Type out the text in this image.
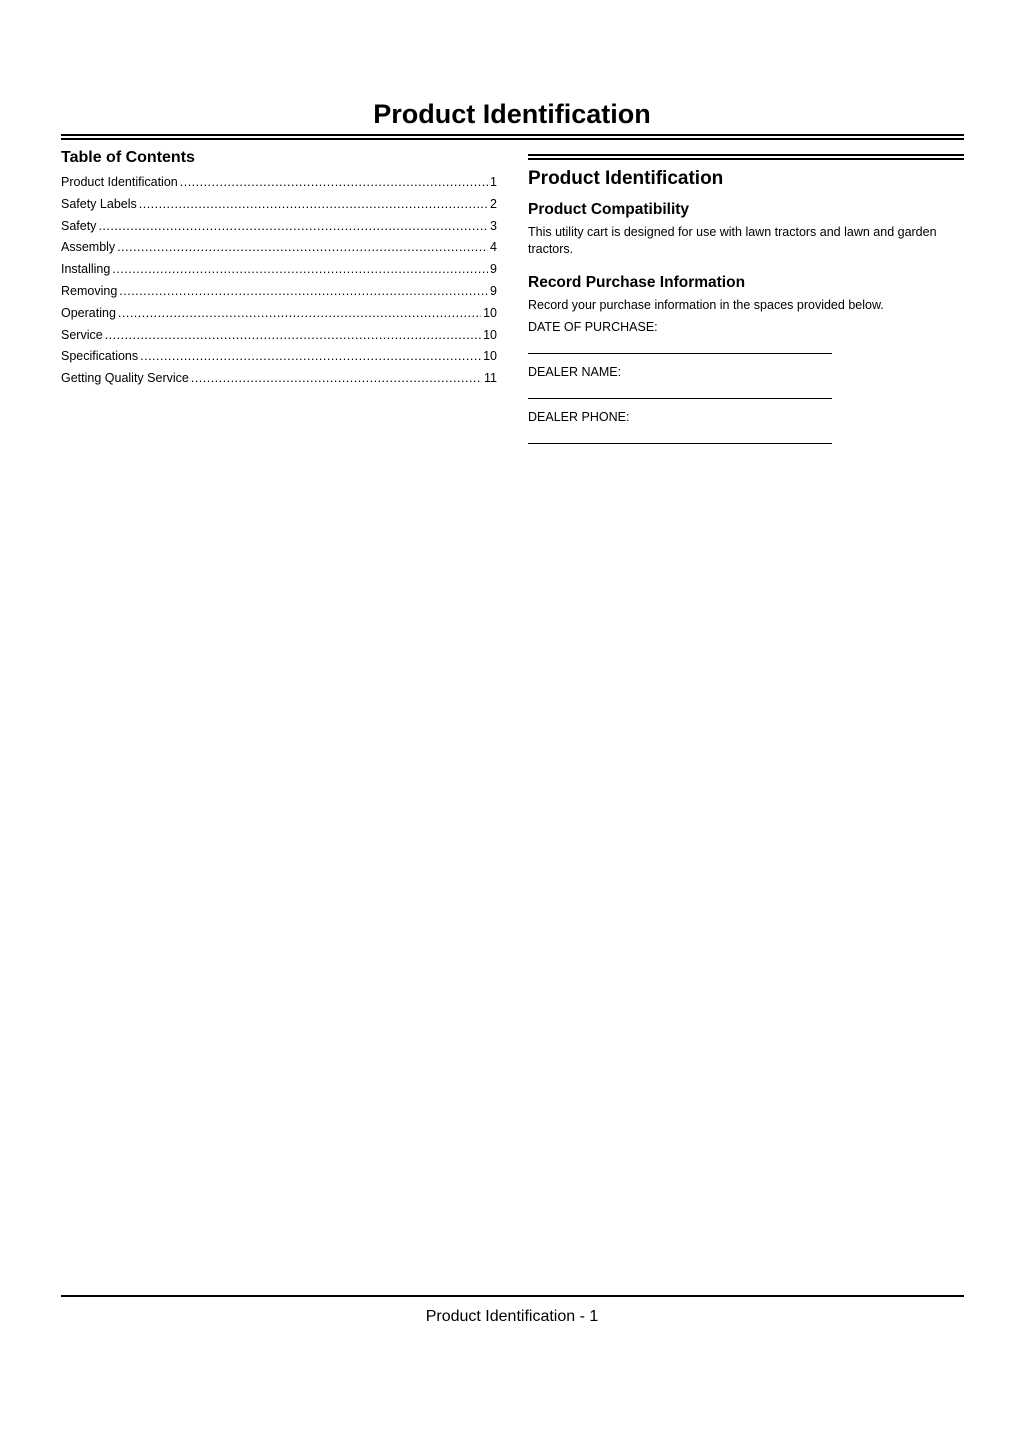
Product Identification
Table of Contents
Product Identification .....	1
Safety Labels .....	2
Safety .....	3
Assembly .....	4
Installing .....	9
Removing .....	9
Operating .....	10
Service .....	10
Specifications .....	10
Getting Quality Service .....	11
Product Identification
Product Compatibility

This utility cart is designed for use with lawn tractors and lawn and garden tractors.

Record Purchase Information

Record your purchase information in the spaces provided below.

DATE OF PURCHASE:
DEALER NAME:
DEALER PHONE:
Product Identification - 1
